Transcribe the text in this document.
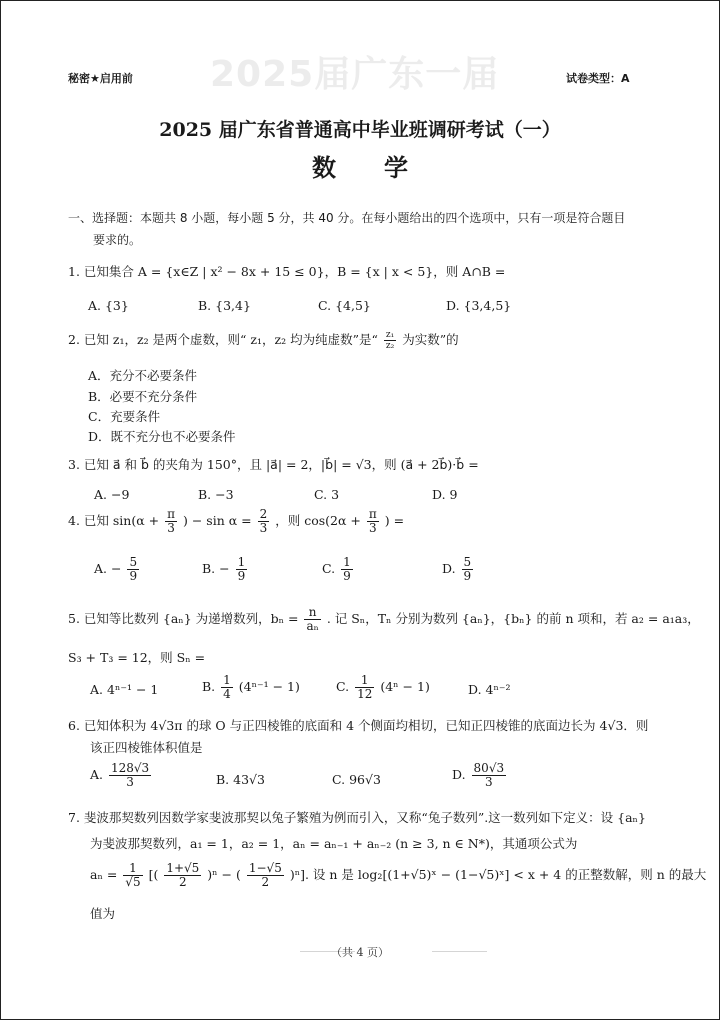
2025届广东一届
秘密★启用前	试卷类型：A
2025 届广东省普通高中毕业班调研考试（一）
数学
一、选择题：本题共 8 小题，每小题 5 分，共 40 分。在每小题给出的四个选项中，只有一项是符合题目
要求的。
1. 已知集合 A = {x∈Z | x² − 8x + 15 ≤ 0}，B = {x | x < 5}，则 A∩B =
A. {3}	B. {3,4}	C. {4,5}	D. {3,4,5}
2. 已知 z₁，z₂ 是两个虚数，则“ z₁，z₂ 均为纯虚数”是“ $\frac{\text{z₁}}{\text{z₂}}$ 为实数”的
A．充分不必要条件
B．必要不充分条件
C．充要条件
D．既不充分也不必要条件
3. 已知 a⃗ 和 b⃗ 的夹角为 150°，且 |a⃗| = 2，|b⃗| = √3，则 (a⃗ + 2b⃗)·b⃗ =
A. −9	B. −3	C. 3	D. 9
4. 已知 $\sin(\alpha + \frac{\pi}{3}$ ) − $\sin \alpha = \frac{2}{3}$ ，则 $\cos(2\alpha + \frac{\pi}{3}$ ) =
A. − $\frac{5}{9}$	B. − $\frac{1}{9}$	C. $\frac{1}{9}$	D. $\frac{5}{9}$
5. 已知等比数列 {aₙ} 为递增数列，$b_n = \frac{n}{\text{aₙ}}$ . 记 Sₙ，Tₙ 分别为数列 {aₙ}，{bₙ} 的前 n 项和，若 a₂ = a₁a₃，
S₃ + T₃ = 12，则 Sₙ =
A. 4ⁿ⁻¹ − 1	B. $\frac{1}{4} (4^{n-1} - 1)$	C. $\frac{1}{12} (4^n - 1)$	D. 4ⁿ⁻²
6. 已知体积为 4√3π 的球 O 与正四棱锥的底面和 4 个侧面均相切，已知正四棱锥的底面边长为 4√3．则
该正四棱锥体积值是
A. $\frac{128√3}{3}$	B. 43√3	C. 96√3	D. $\frac{80√3}{3}$
7. 斐波那契数列因数学家斐波那契以兔子繁殖为例而引入，又称“兔子数列”.这一数列如下定义：设 {aₙ}
为斐波那契数列，a₁ = 1，a₂ = 1，aₙ = aₙ₋₁ + aₙ₋₂ (n ≥ 3, n ∈ N*)，其通项公式为
$a_n = \frac{1}{√5}$ [( $\frac{1+√5}{2} )^n$ − ( $\frac{1-√5}{2} )^n$]. 设 n 是 log₂[(1+√5)ˣ − (1−√5)ˣ] < x + 4 的正整数解，则 n 的最大
值为
（共 4 页）
